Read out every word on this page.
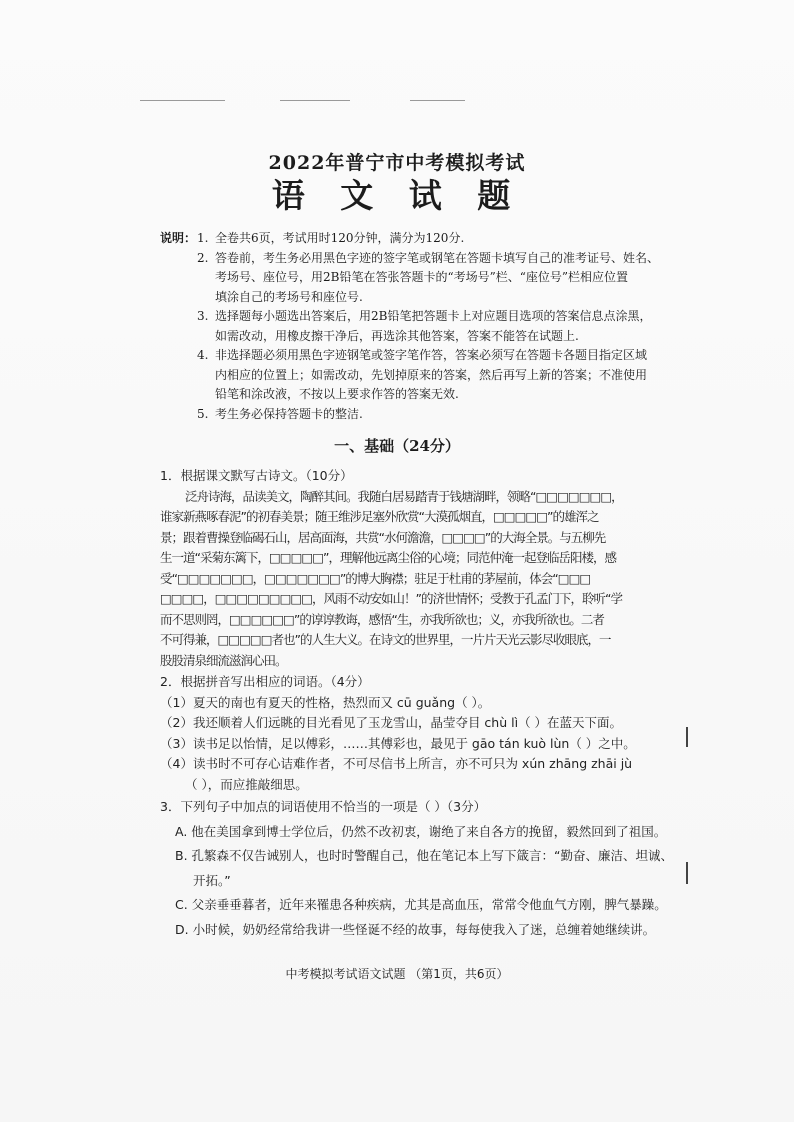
2022年普宁市中考模拟考试
语 文 试 题
说明： 1. 全卷共6页，考试用时120分钟，满分为120分.
2. 答卷前，考生务必用黑色字迹的签字笔或钢笔在答题卡填写自己的准考证号、姓名、
考场号、座位号，用2B铅笔在答张答题卡的“考场号”栏、“座位号”栏相应位置
填涂自己的考场号和座位号.
3. 选择题每小题选出答案后，用2B铅笔把答题卡上对应题目选项的答案信息点涂黑，
如需改动，用橡皮擦干净后，再选涂其他答案，答案不能答在试题上.
4. 非选择题必须用黑色字迹钢笔或签字笔作答，答案必须写在答题卡各题目指定区域
内相应的位置上；如需改动，先划掉原来的答案，然后再写上新的答案；不准使用
铅笔和涂改液，不按以上要求作答的答案无效.
5. 考生务必保持答题卡的整洁.
一、基础（24分）
1．根据课文默写古诗文。（10分）
泛舟诗海，品读美文，陶醉其间。我随白居易踏青于钱塘湖畔，领略“□□□□□□□，
谁家新燕啄春泥”的初春美景；随王维涉足塞外欣赏“大漠孤烟直，□□□□□”的雄浑之
景；跟着曹操登临碣石山，居高面海，共赏“水何澹澹，□□□□”的大海全景。与五柳先
生一道“采菊东篱下，□□□□□”，理解他远离尘俗的心境；同范仲淹一起登临岳阳楼，感
受“□□□□□□□，□□□□□□□”的博大胸襟；驻足于杜甫的茅屋前，体会“□□□
□□□□，□□□□□□□□□，风雨不动安如山！”的济世情怀；受教于孔孟门下，聆听“学
而不思则罔，□□□□□□”的谆谆教诲，感悟“生，亦我所欲也；义，亦我所欲也。二者
不可得兼，□□□□□者也”的人生大义。在诗文的世界里，一片片天光云影尽收眼底，一
股股清泉细流滋润心田。
2．根据拼音写出相应的词语。（4分）
（1）夏天的南也有夏天的性格，热烈而又 cū guǎng（ ）。
（2）我还顺着人们远眺的目光看见了玉龙雪山，晶莹夺目 chù lì（ ）在蓝天下面。
（3）读书足以怡情，足以傅彩，……其傅彩也，最见于 gāo tán kuò lùn（ ）之中。
（4）读书时不可存心诘难作者，不可尽信书上所言，亦不可只为 xún zhāng zhāi jù
（ ），而应推敲细思。
3．下列句子中加点的词语使用不恰当的一项是（ ）（3分）
A. 他在美国拿到博士学位后，仍然不改初衷，谢绝了来自各方的挽留，毅然回到了祖国。
B. 孔繁森不仅告诫别人，也时时警醒自己，他在笔记本上写下箴言：“勤奋、廉洁、坦诚、
开拓。”
C. 父亲垂垂暮者，近年来罹患各种疾病，尤其是高血压，常常令他血气方刚，脾气暴躁。
D. 小时候，奶奶经常给我讲一些怪诞不经的故事，每每使我入了迷，总缠着她继续讲。
中考模拟考试语文试题 （第1页，共6页）
